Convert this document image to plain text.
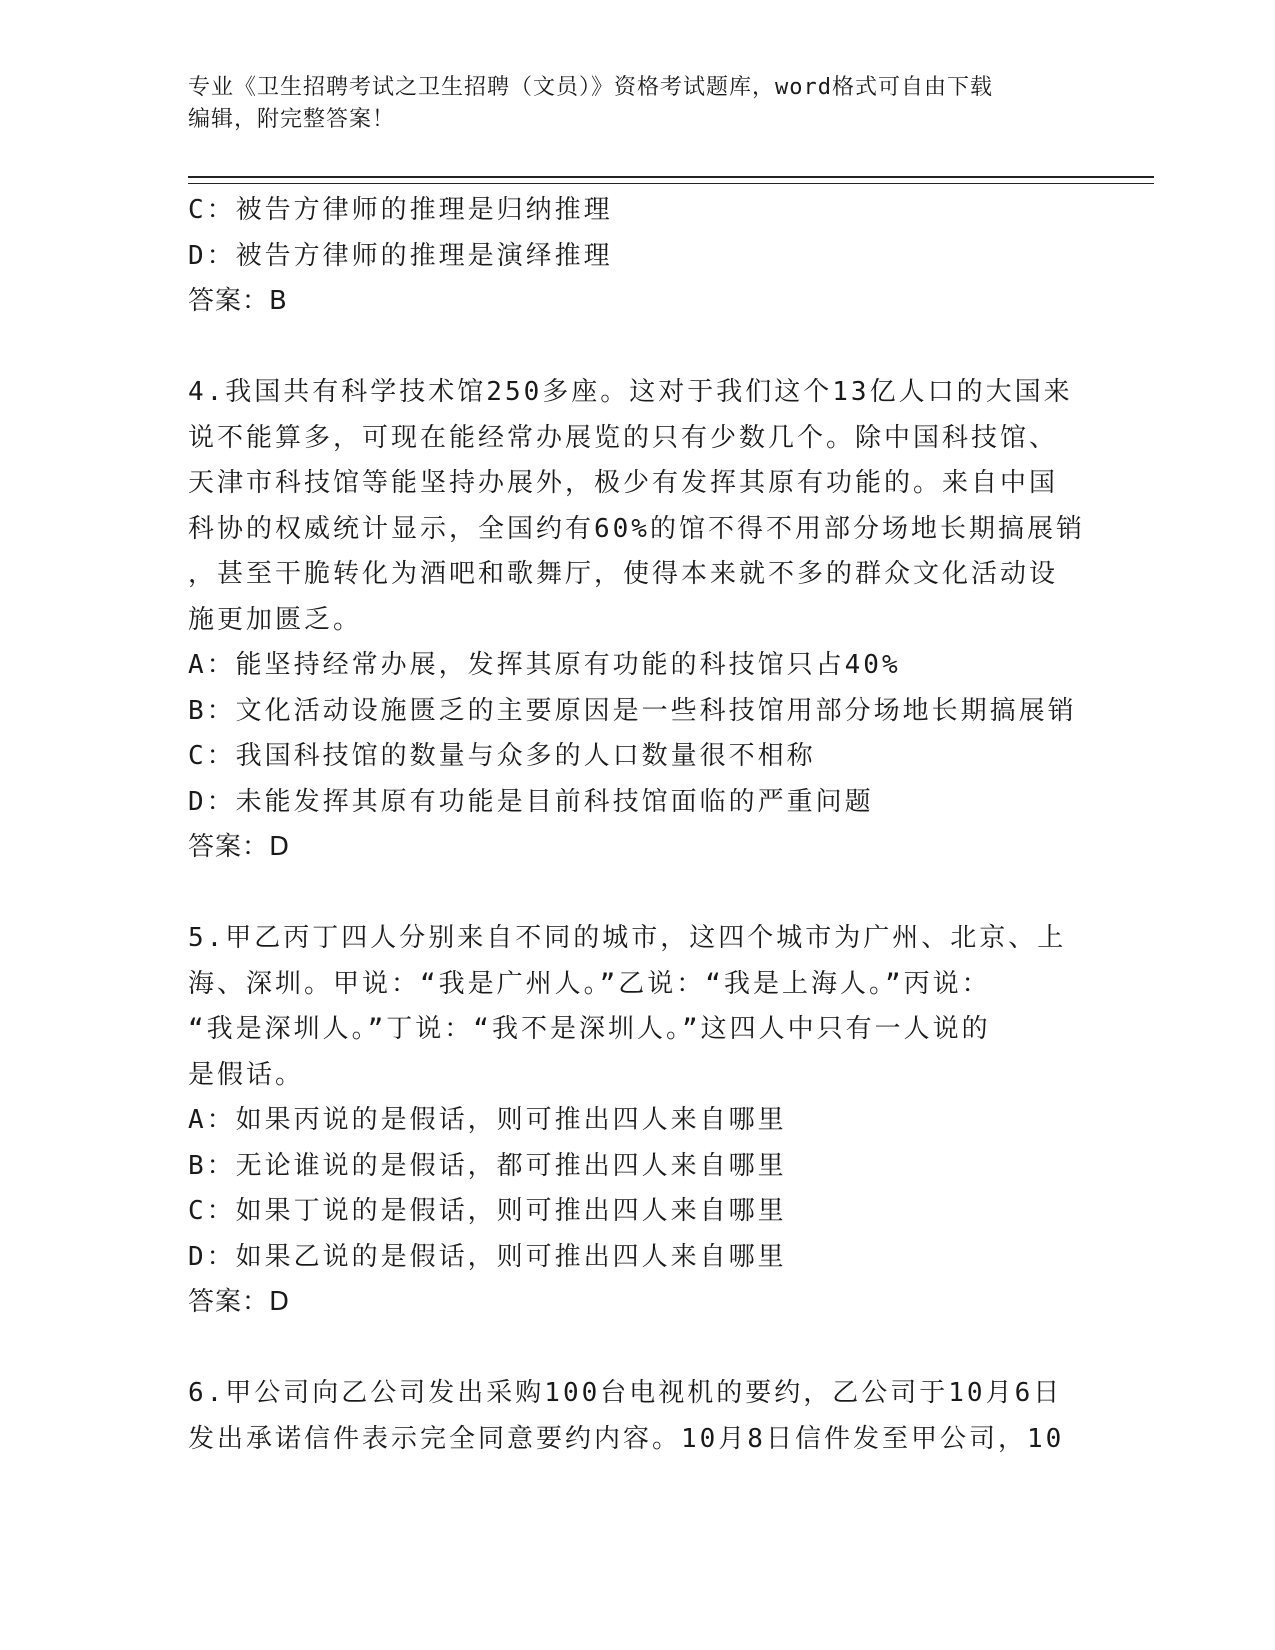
专业《卫生招聘考试之卫生招聘（文员）》资格考试题库，word格式可自由下载
编辑，附完整答案！
C：被告方律师的推理是归纳推理
D：被告方律师的推理是演绎推理
答案：B
4.我国共有科学技术馆250多座。这对于我们这个13亿人口的大国来
说不能算多，可现在能经常办展览的只有少数几个。除中国科技馆、
天津市科技馆等能坚持办展外，极少有发挥其原有功能的。来自中国
科协的权威统计显示，全国约有60%的馆不得不用部分场地长期搞展销
，甚至干脆转化为酒吧和歌舞厅，使得本来就不多的群众文化活动设
施更加匮乏。
A：能坚持经常办展，发挥其原有功能的科技馆只占40%
B：文化活动设施匮乏的主要原因是一些科技馆用部分场地长期搞展销
C：我国科技馆的数量与众多的人口数量很不相称
D：未能发挥其原有功能是目前科技馆面临的严重问题
答案：D
5.甲乙丙丁四人分别来自不同的城市，这四个城市为广州、北京、上
海、深圳。甲说：“我是广州人。”乙说：“我是上海人。”丙说：
“我是深圳人。”丁说：“我不是深圳人。”这四人中只有一人说的
是假话。
A：如果丙说的是假话，则可推出四人来自哪里
B：无论谁说的是假话，都可推出四人来自哪里
C：如果丁说的是假话，则可推出四人来自哪里
D：如果乙说的是假话，则可推出四人来自哪里
答案：D
6.甲公司向乙公司发出采购100台电视机的要约，乙公司于10月6日
发出承诺信件表示完全同意要约内容。10月8日信件发至甲公司，10
